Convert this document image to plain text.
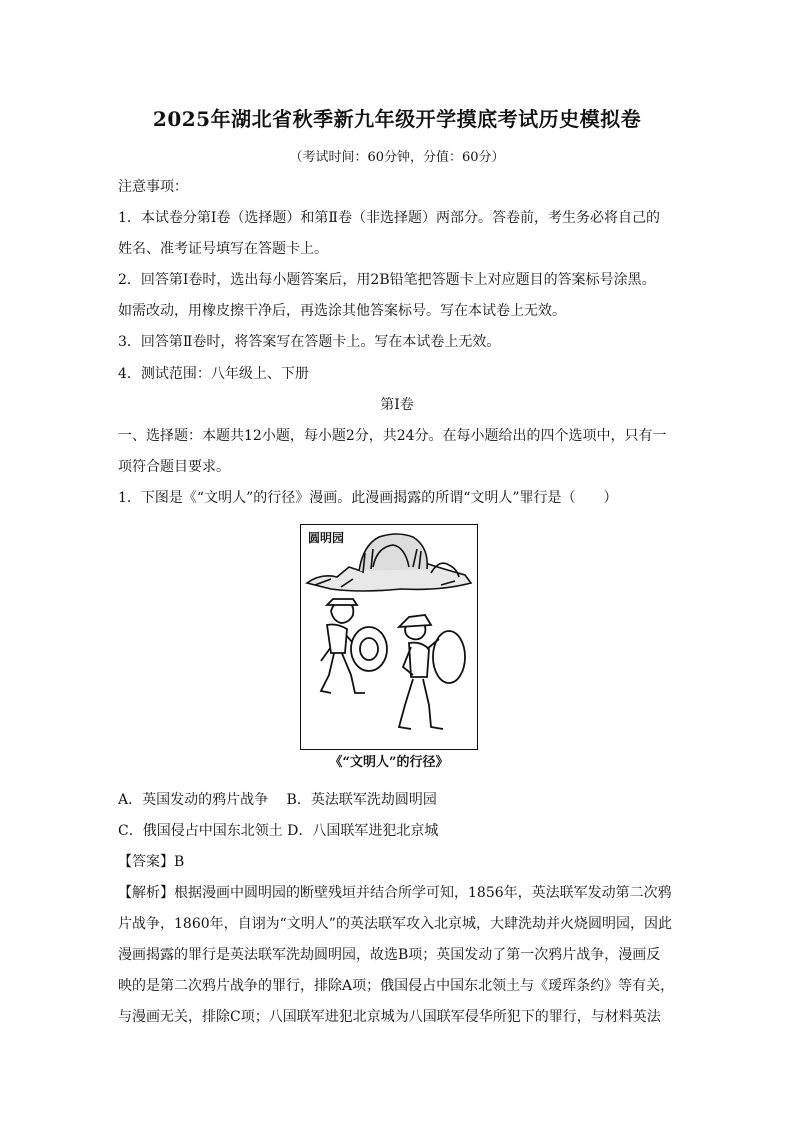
2025年湖北省秋季新九年级开学摸底考试历史模拟卷
（考试时间：60分钟，分值：60分）
注意事项：
1．本试卷分第Ⅰ卷（选择题）和第Ⅱ卷（非选择题）两部分。答卷前，考生务必将自己的
姓名、准考证号填写在答题卡上。
2．回答第Ⅰ卷时，选出每小题答案后，用2B铅笔把答题卡上对应题目的答案标号涂黑。
如需改动，用橡皮擦干净后，再选涂其他答案标号。写在本试卷上无效。
3．回答第Ⅱ卷时，将答案写在答题卡上。写在本试卷上无效。
4．测试范围：八年级上、下册
第Ⅰ卷
一、选择题：本题共12小题，每小题2分，共24分。在每小题给出的四个选项中，只有一
项符合题目要求。
1．下图是《“文明人”的行径》漫画。此漫画揭露的所谓“文明人”罪行是（　　）
圆明园
《“文明人”的行径》
A．英国发动的鸦片战争　 B．英法联军洗劫圆明园
C．俄国侵占中国东北领土 D．八国联军进犯北京城
【答案】B
【解析】根据漫画中圆明园的断壁残垣并结合所学可知，1856年，英法联军发动第二次鸦
片战争，1860年，自诩为“文明人”的英法联军攻入北京城，大肆洗劫并火烧圆明园，因此
漫画揭露的罪行是英法联军洗劫圆明园，故选B项；英国发动了第一次鸦片战争，漫画反
映的是第二次鸦片战争的罪行，排除A项；俄国侵占中国东北领土与《瑷珲条约》等有关，
与漫画无关，排除C项；八国联军进犯北京城为八国联军侵华所犯下的罪行，与材料英法
